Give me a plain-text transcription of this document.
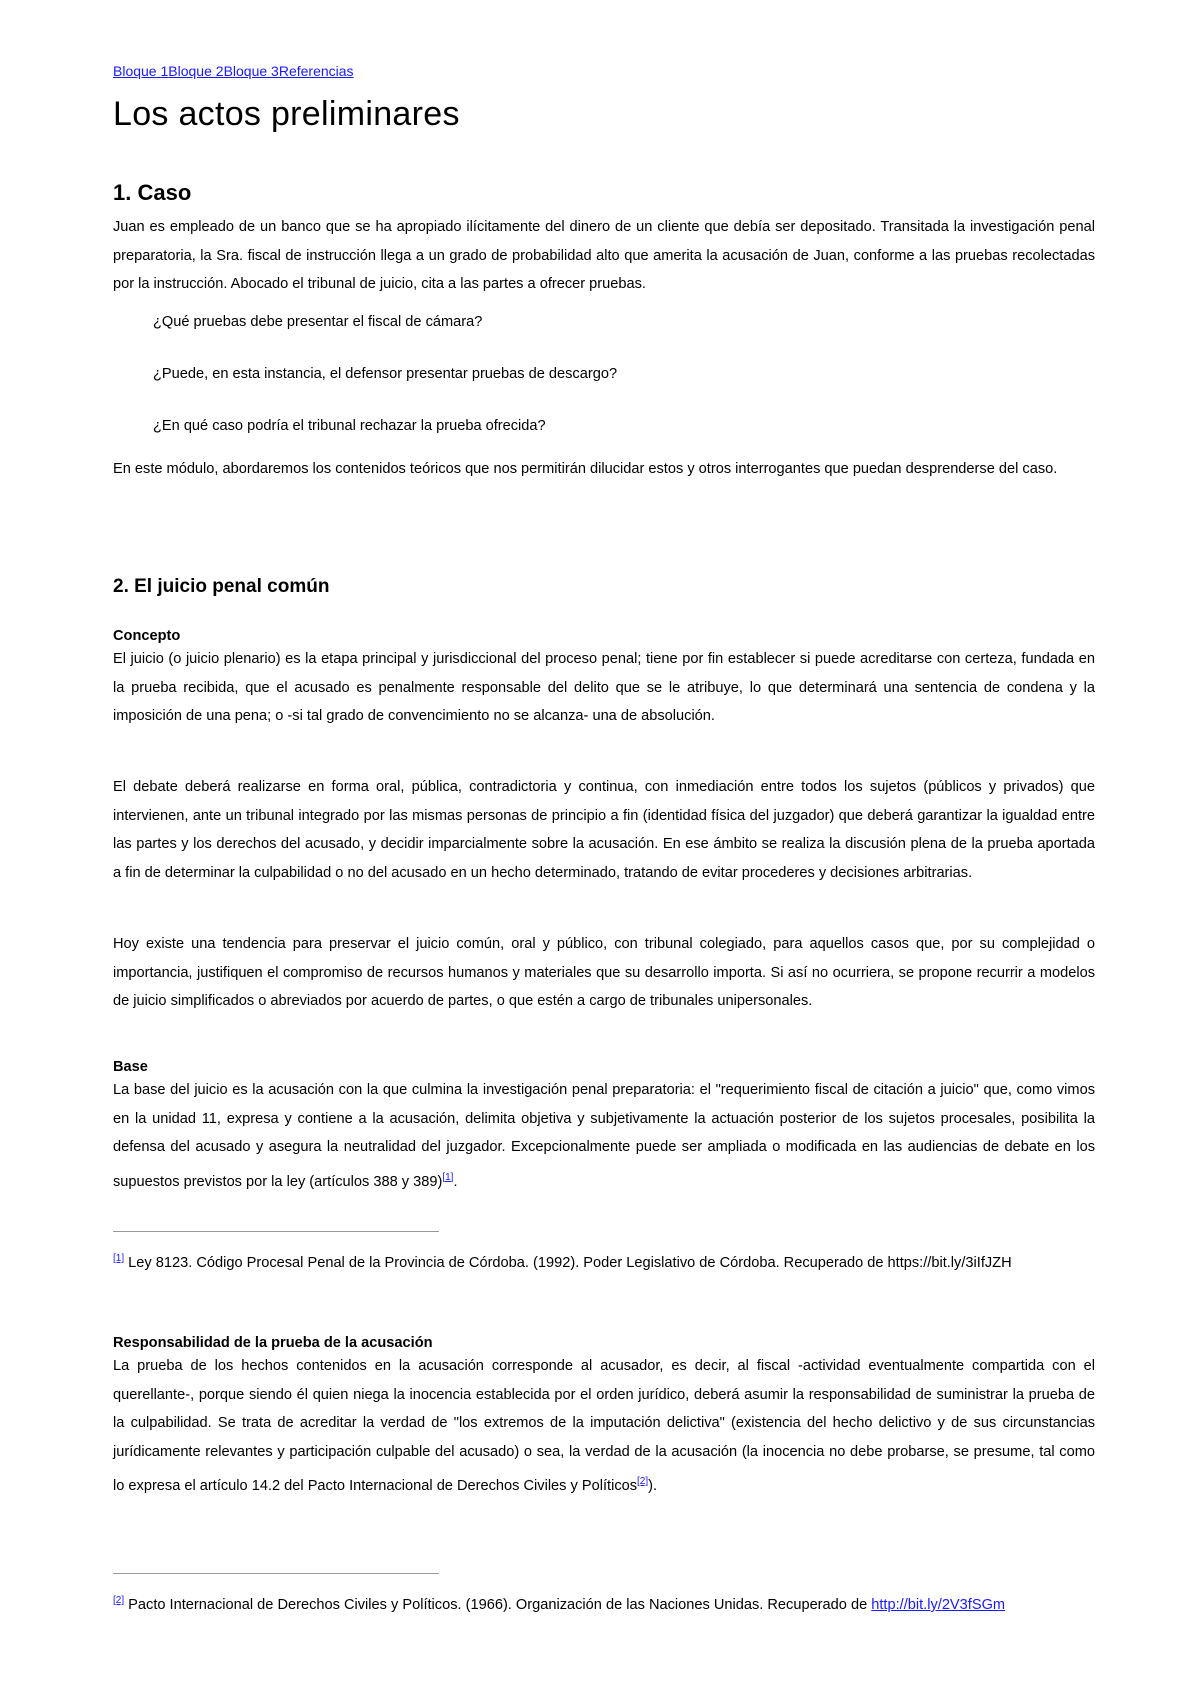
Bloque 1Bloque 2Bloque 3Referencias
Los actos preliminares
1. Caso

Juan es empleado de un banco que se ha apropiado ilícitamente del dinero de un cliente que debía ser depositado. Transitada la investigación penal preparatoria, la Sra. fiscal de instrucción llega a un grado de probabilidad alto que amerita la acusación de Juan, conforme a las pruebas recolectadas por la instrucción. Abocado el tribunal de juicio, cita a las partes a ofrecer pruebas.

¿Qué pruebas debe presentar el fiscal de cámara?

¿Puede, en esta instancia, el defensor presentar pruebas de descargo?

¿En qué caso podría el tribunal rechazar la prueba ofrecida?

En este módulo, abordaremos los contenidos teóricos que nos permitirán dilucidar estos y otros interrogantes que puedan desprenderse del caso.

2. El juicio penal común

Concepto

El juicio (o juicio plenario) es la etapa principal y jurisdiccional del proceso penal; tiene por fin establecer si puede acreditarse con certeza, fundada en la prueba recibida, que el acusado es penalmente responsable del delito que se le atribuye, lo que determinará una sentencia de condena y la imposición de una pena; o -si tal grado de convencimiento no se alcanza- una de absolución.

El debate deberá realizarse en forma oral, pública, contradictoria y continua, con inmediación entre todos los sujetos (públicos y privados) que intervienen, ante un tribunal integrado por las mismas personas de principio a fin (identidad física del juzgador) que deberá garantizar la igualdad entre las partes y los derechos del acusado, y decidir imparcialmente sobre la acusación. En ese ámbito se realiza la discusión plena de la prueba aportada a fin de determinar la culpabilidad o no del acusado en un hecho determinado, tratando de evitar procederes y decisiones arbitrarias.

Hoy existe una tendencia para preservar el juicio común, oral y público, con tribunal colegiado, para aquellos casos que, por su complejidad o importancia, justifiquen el compromiso de recursos humanos y materiales que su desarrollo importa. Si así no ocurriera, se propone recurrir a modelos de juicio simplificados o abreviados por acuerdo de partes, o que estén a cargo de tribunales unipersonales.

Base

La base del juicio es la acusación con la que culmina la investigación penal preparatoria: el "requerimiento fiscal de citación a juicio" que, como vimos en la unidad 11, expresa y contiene a la acusación, delimita objetiva y subjetivamente la actuación posterior de los sujetos procesales, posibilita la defensa del acusado y asegura la neutralidad del juzgador. Excepcionalmente puede ser ampliada o modificada en las audiencias de debate en los supuestos previstos por la ley (artículos 388 y 389)[1].

[1] Ley 8123. Código Procesal Penal de la Provincia de Córdoba. (1992). Poder Legislativo de Córdoba. Recuperado de https://bit.ly/3iIfJZH

Responsabilidad de la prueba de la acusación

La prueba de los hechos contenidos en la acusación corresponde al acusador, es decir, al fiscal -actividad eventualmente compartida con el querellante-, porque siendo él quien niega la inocencia establecida por el orden jurídico, deberá asumir la responsabilidad de suministrar la prueba de la culpabilidad. Se trata de acreditar la verdad de "los extremos de la imputación delictiva" (existencia del hecho delictivo y de sus circunstancias jurídicamente relevantes y participación culpable del acusado) o sea, la verdad de la acusación (la inocencia no debe probarse, se presume, tal como lo expresa el artículo 14.2 del Pacto Internacional de Derechos Civiles y Políticos[2]).

[2] Pacto Internacional de Derechos Civiles y Políticos. (1966). Organización de las Naciones Unidas. Recuperado de http://bit.ly/2V3fSGm
